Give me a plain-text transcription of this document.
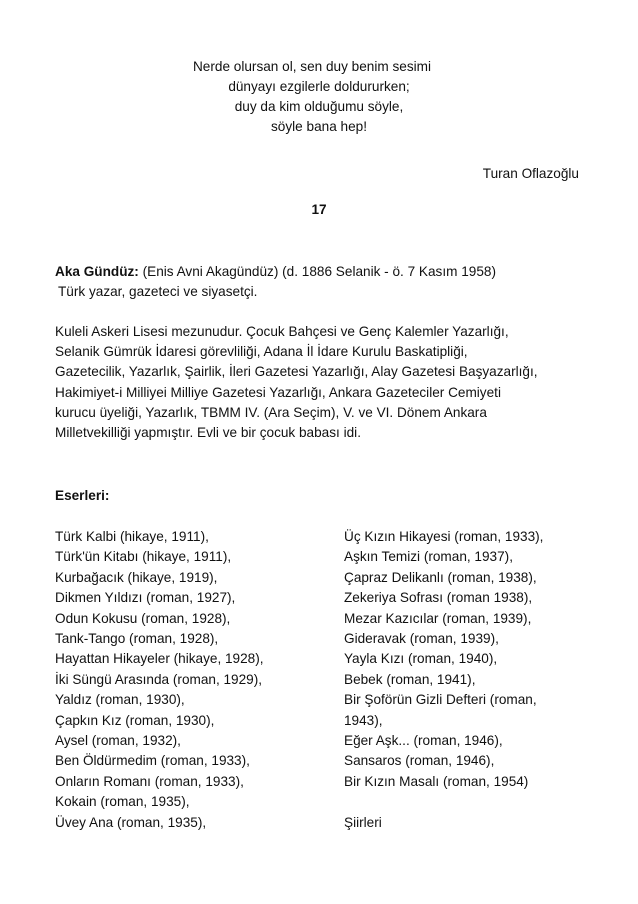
Nerde olursan ol, sen duy benim sesimi
dünyayı ezgilerle doldururken;
duy da kim olduğumu söyle,
söyle bana hep!
Turan Oflazoğlu
17
Aka Gündüz: (Enis Avni Akagündüz) (d. 1886 Selanik - ö. 7 Kasım 1958)
Türk yazar, gazeteci ve siyasetçi.
Kuleli Askeri Lisesi mezunudur. Çocuk Bahçesi ve Genç Kalemler Yazarlığı,
Selanik Gümrük İdaresi görevliliği, Adana İl İdare Kurulu Baskatipliği,
Gazetecilik, Yazarlık, Şairlik, İleri Gazetesi Yazarlığı, Alay Gazetesi Başyazarlığı,
Hakimiyet-i Milliyei Milliye Gazetesi Yazarlığı, Ankara Gazeteciler Cemiyeti
kurucu üyeliği, Yazarlık, TBMM IV. (Ara Seçim), V. ve VI. Dönem Ankara
Milletvekilliği yapmıştır. Evli ve bir çocuk babası idi.
Eserleri:
Türk Kalbi (hikaye, 1911),
Türk'ün Kitabı (hikaye, 1911),
Kurbağacık (hikaye, 1919),
Dikmen Yıldızı (roman, 1927),
Odun Kokusu (roman, 1928),
Tank-Tango (roman, 1928),
Hayattan Hikayeler (hikaye, 1928),
İki Süngü Arasında (roman, 1929),
Yaldız (roman, 1930),
Çapkın Kız (roman, 1930),
Aysel (roman, 1932),
Ben Öldürmedim (roman, 1933),
Onların Romanı (roman, 1933),
Kokain (roman, 1935),
Üvey Ana (roman, 1935),
Üç Kızın Hikayesi (roman, 1933),
Aşkın Temizi (roman, 1937),
Çapraz Delikanlı (roman, 1938),
Zekeriya Sofrası (roman 1938),
Mezar Kazıcılar (roman, 1939),
Gideravak (roman, 1939),
Yayla Kızı (roman, 1940),
Bebek (roman, 1941),
Bir Şoförün Gizli Defteri (roman,
1943),
Eğer Aşk... (roman, 1946),
Sansaros (roman, 1946),
Bir Kızın Masalı (roman, 1954)
Şiirleri
